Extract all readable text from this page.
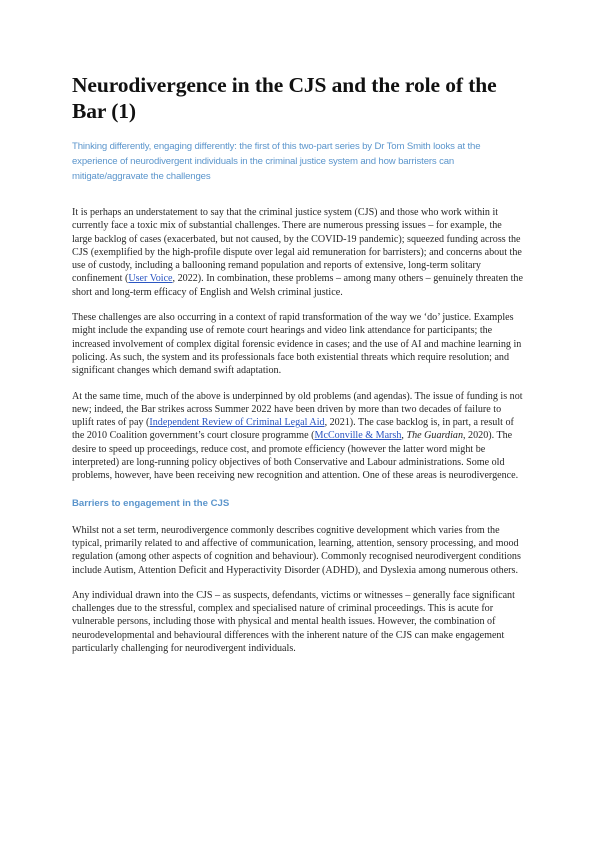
Neurodivergence in the CJS and the role of the Bar (1)

Thinking differently, engaging differently: the first of this two-part series by Dr Tom Smith looks at the experience of neurodivergent individuals in the criminal justice system and how barristers can mitigate/aggravate the challenges

It is perhaps an understatement to say that the criminal justice system (CJS) and those who work within it currently face a toxic mix of substantial challenges. There are numerous pressing issues – for example, the large backlog of cases (exacerbated, but not caused, by the COVID-19 pandemic); squeezed funding across the CJS (exemplified by the high-profile dispute over legal aid remuneration for barristers); and concerns about the use of custody, including a ballooning remand population and reports of extensive, long-term solitary confinement (User Voice, 2022). In combination, these problems – among many others – genuinely threaten the short and long-term efficacy of English and Welsh criminal justice.

These challenges are also occurring in a context of rapid transformation of the way we ‘do’ justice. Examples might include the expanding use of remote court hearings and video link attendance for participants; the increased involvement of complex digital forensic evidence in cases; and the use of AI and machine learning in policing. As such, the system and its professionals face both existential threats which require resolution; and significant changes which demand swift adaptation.

At the same time, much of the above is underpinned by old problems (and agendas). The issue of funding is not new; indeed, the Bar strikes across Summer 2022 have been driven by more than two decades of failure to uplift rates of pay (Independent Review of Criminal Legal Aid, 2021). The case backlog is, in part, a result of the 2010 Coalition government’s court closure programme (McConville & Marsh, The Guardian, 2020). The desire to speed up proceedings, reduce cost, and promote efficiency (however the latter word might be interpreted) are long-running policy objectives of both Conservative and Labour administrations. Some old problems, however, have been receiving new recognition and attention. One of these areas is neurodivergence.

Barriers to engagement in the CJS

Whilst not a set term, neurodivergence commonly describes cognitive development which varies from the typical, primarily related to and affective of communication, learning, attention, sensory processing, and mood regulation (among other aspects of cognition and behaviour). Commonly recognised neurodivergent conditions include Autism, Attention Deficit and Hyperactivity Disorder (ADHD), and Dyslexia among numerous others.

Any individual drawn into the CJS – as suspects, defendants, victims or witnesses – generally face significant challenges due to the stressful, complex and specialised nature of criminal proceedings. This is acute for vulnerable persons, including those with physical and mental health issues. However, the combination of neurodevelopmental and behavioural differences with the inherent nature of the CJS can make engagement particularly challenging for neurodivergent individuals.
